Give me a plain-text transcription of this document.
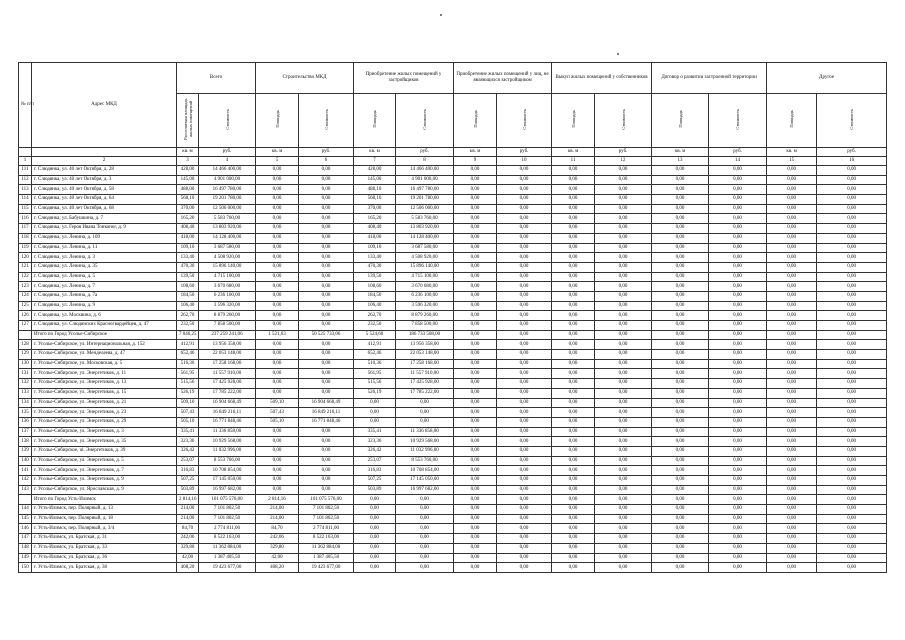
№ п/п	Адрес МКД	Всего		Строительство МКД		Приобретение жилых помещений у застройщиков		Приобретение жилых помещений у лиц, не являющихся застройщиком		Выкуп жилых помещений у собственников		Договор о развитии застроенной территории		Другое	
		Расселяемая площадь жилых помещений	Стоимость	Площадь	Стоимость	Площадь	Стоимость	Площадь	Стоимость	Площадь	Стоимость	Площадь	Стоимость	Площадь	Стоимость
		кв. м	руб.	кв. м	руб.	кв. м	руб.	кв. м	руб.	кв. м	руб.	кв. м	руб.	кв. м	руб.
1	2	3	4	5	6	7	8	9	10	11	12	13	14	15	16
111	г. Слюдянка, ул. 40 лет Октября, д. 28	428,00	14 466 400,00	0,00	0,00	428,00	14 466 400,00	0,00	0,00	0,00	0,00	0,00	0,00	0,00	0,00
112	г. Слюдянка, ул. 40 лет Октября, д. 3	145,00	4 901 000,00	0,00	0,00	145,00	4 901 000,00	0,00	0,00	0,00	0,00	0,00	0,00	0,00	0,00
113	г. Слюдянка, ул. 40 лет Октября, д. 58	488,00	16 497 780,00	0,00	0,00	488,10	16 497 780,00	0,00	0,00	0,00	0,00	0,00	0,00	0,00	0,00
114	г. Слюдянка, ул. 40 лет Октября, д. 64	568,10	19 201 780,00	0,00	0,00	568,10	19 201 780,00	0,00	0,00	0,00	0,00	0,00	0,00	0,00	0,00
115	г. Слюдянка, ул. 40 лет Октября, д. 68	370,00	12 506 000,00	0,00	0,00	370,00	12 506 000,00	0,00	0,00	0,00	0,00	0,00	0,00	0,00	0,00
116	г. Слюдянка, ул. Бабушкина, д. 7	165,20	5 583 760,00	0,00	0,00	165,20	5 583 760,00	0,00	0,00	0,00	0,00	0,00	0,00	0,00	0,00
117	г. Слюдянка, ул. Героя Ивана Тонконог, д. 9	408,40	13 803 920,00	0,00	0,00	408,40	13 803 920,00	0,00	0,00	0,00	0,00	0,00	0,00	0,00	0,00
118	г. Слюдянка, ул. Ленина, д. 109	418,00	14 128 400,00	0,00	0,00	418,00	14 128 400,00	0,00	0,00	0,00	0,00	0,00	0,00	0,00	0,00
119	г. Слюдянка, ул. Ленина, д. 11	109,10	3 687 580,00	0,00	0,00	109,10	3 687 580,00	0,00	0,00	0,00	0,00	0,00	0,00	0,00	0,00
120	г. Слюдянка, ул. Ленина, д. 3	133,40	4 508 920,00	0,00	0,00	133,40	4 508 920,00	0,00	0,00	0,00	0,00	0,00	0,00	0,00	0,00
121	г. Слюдянка, ул. Ленина, д. 35	470,30	15 896 140,00	0,00	0,00	470,30	15 896 140,00	0,00	0,00	0,00	0,00	0,00	0,00	0,00	0,00
122	г. Слюдянка, ул. Ленина, д. 5	139,50	4 715 100,00	0,00	0,00	139,50	4 715 100,00	0,00	0,00	0,00	0,00	0,00	0,00	0,00	0,00
123	г. Слюдянка, ул. Ленина, д. 7	108,60	3 670 680,00	0,00	0,00	108,60	3 670 680,00	0,00	0,00	0,00	0,00	0,00	0,00	0,00	0,00
124	г. Слюдянка, ул. Ленина, д. 7а	184,50	6 236 100,00	0,00	0,00	184,50	6 236 100,00	0,00	0,00	0,00	0,00	0,00	0,00	0,00	0,00
125	г. Слюдянка, ул. Ленина, д. 9	106,40	3 596 320,00	0,00	0,00	106,40	3 596 320,00	0,00	0,00	0,00	0,00	0,00	0,00	0,00	0,00
126	г. Слюдянка, ул. Москвина, д. 6	262,70	8 879 260,00	0,00	0,00	262,70	8 879 260,00	0,00	0,00	0,00	0,00	0,00	0,00	0,00	0,00
127	г. Слюдянка, ул. Слюдянских Красногвардейцев, д. 47	232,50	7 858 500,00	0,00	0,00	232,50	7 858 500,00	0,00	0,00	0,00	0,00	0,00	0,00	0,00	0,00
	Итого по Город Усолье-Сибирское	7 046,25	237 259 241,06	1 521,63	50 525 733,06	5 524,60	186 733 508,00	0,00	0,00	0,00	0,00	0,00	0,00	0,00	0,00
128	г. Усолье-Сибирское, ул. Интернациональная, д. 152	412,91	13 956 358,00	0,00	0,00	412,91	13 956 358,00	0,00	0,00	0,00	0,00	0,00	0,00	0,00	0,00
129	г. Усолье-Сибирское, ул. Менделеева, д. 47	652,46	22 053 148,00	0,00	0,00	652,46	22 053 148,00	0,00	0,00	0,00	0,00	0,00	0,00	0,00	0,00
130	г. Усолье-Сибирское, ул. Московская, д. 5	516,36	17 258 168,00	0,00	0,00	510,36	17 258 168,00	0,00	0,00	0,00	0,00	0,00	0,00	0,00	0,00
131	г. Усолье-Сибирское, ул. Энергетиков, д. 11	561,95	11 557 910,00	0,00	0,00	561,95	11 557 910,00	0,00	0,00	0,00	0,00	0,00	0,00	0,00	0,00
132	г. Усолье-Сибирское, ул. Энергетиков, д. 13	515,56	17 425 928,00	0,00	0,00	515,56	17 425 928,00	0,00	0,00	0,00	0,00	0,00	0,00	0,00	0,00
133	г. Усолье-Сибирское, ул. Энергетиков, д. 15	526,19	17 785 222,00	0,00	0,00	526,19	17 785 222,00	0,00	0,00	0,00	0,00	0,00	0,00	0,00	0,00
134	г. Усолье-Сибирское, ул. Энергетиков, д. 21	509,10	16 904 668,49	509,10	16 904 668,49	0,00	0,00	0,00	0,00	0,00	0,00	0,00	0,00	0,00	0,00
135	г. Усолье-Сибирское, ул. Энергетиков, д. 23	507,43	16 849 216,11	507,43	16 849 216,11	0,00	0,00	0,00	0,00	0,00	0,00	0,00	0,00	0,00	0,00
136	г. Усолье-Сибирское, ул. Энергетиков, д. 29	505,10	16 771 848,46	505,10	16 771 848,46	0,00	0,00	0,00	0,00	0,00	0,00	0,00	0,00	0,00	0,00
137	г. Усолье-Сибирское, ул. Энергетиков, д. 3	335,41	11 336 858,00	0,00	0,00	335,41	11 336 858,00	0,00	0,00	0,00	0,00	0,00	0,00	0,00	0,00
138	г. Усолье-Сибирское, ул. Энергетиков, д. 35	323,36	10 929 568,00	0,00	0,00	323,36	10 929 568,00	0,00	0,00	0,00	0,00	0,00	0,00	0,00	0,00
139	г. Усолье-Сибирское, ul. Энергетиков, д. 39	326,42	11 032 996,00	0,00	0,00	326,42	11 032 996,00	0,00	0,00	0,00	0,00	0,00	0,00	0,00	0,00
140	г. Усолье-Сибирское, ул. Энергетиков, д. 5	253,07	8 553 766,00	0,00	0,00	253,07	8 553 766,00	0,00	0,00	0,00	0,00	0,00	0,00	0,00	0,00
141	г. Усолье-Сибирское, ул. Энергетиков, д. 7	316,83	10 708 854,00	0,00	0,00	316,83	10 708 854,00	0,00	0,00	0,00	0,00	0,00	0,00	0,00	0,00
142	г. Усолье-Сибирское, ул. Энергетиков, д. 9	507,25	17 145 050,00	0,00	0,00	507,25	17 145 050,00	0,00	0,00	0,00	0,00	0,00	0,00	0,00	0,00
143	г. Усолье-Сибирское, ул. Ярославская, д. 9	503,89	16 997 682,00	0,00	0,00	503,89	16 997 682,00	0,00	0,00	0,00	0,00	0,00	0,00	0,00	0,00
	Итого по Город Усть-Илимск	2 814,16	101 075 576,00	2 814,16	101 075 576,00	0,00	0,00	0,00	0,00	0,00	0,00	0,00	0,00	0,00	0,00
144	г. Усть-Илимск, пер. Полярный, д. 13	214,00	7 101 802,50	214,00	7 101 802,50	0,00	0,00	0,00	0,00	0,00	0,00	0,00	0,00	0,00	0,00
145	г. Усть-Илимск, пер. Полярный, д. 18	214,00	7 101 802,50	214,00	7 101 802,50	0,00	0,00	0,00	0,00	0,00	0,00	0,00	0,00	0,00	0,00
146	г. Усть-Илимск, пер. Полярный, д. 3/4	84,70	2 774 811,00	84,70	2 774 811,00	0,00	0,00	0,00	0,00	0,00	0,00	0,00	0,00	0,00	0,00
147	г. Усть-Илимск, ул. Братская, д. 31	242,06	8 522 163,00	242,06	8 522 163,00	0,00	0,00	0,00	0,00	0,00	0,00	0,00	0,00	0,00	0,00
148	г. Усть-Илимск, ул. Братская, д. 33	329,80	11 362 884,00	329,80	11 362 884,00	0,00	0,00	0,00	0,00	0,00	0,00	0,00	0,00	0,00	0,00
149	г. Усть-Илимск, ул. Братская, д. 36	42,00	1 387 405,50	42,00	1 387 405,50	0,00	0,00	0,00	0,00	0,00	0,00	0,00	0,00	0,00	0,00
150	г. Усть-Илимск, ул. Братская, д. 38	408,20	19 423 677,00	408,20	19 423 677,00	0,00	0,00	0,00	0,00	0,00	0,00	0,00	0,00	0,00	0,00
